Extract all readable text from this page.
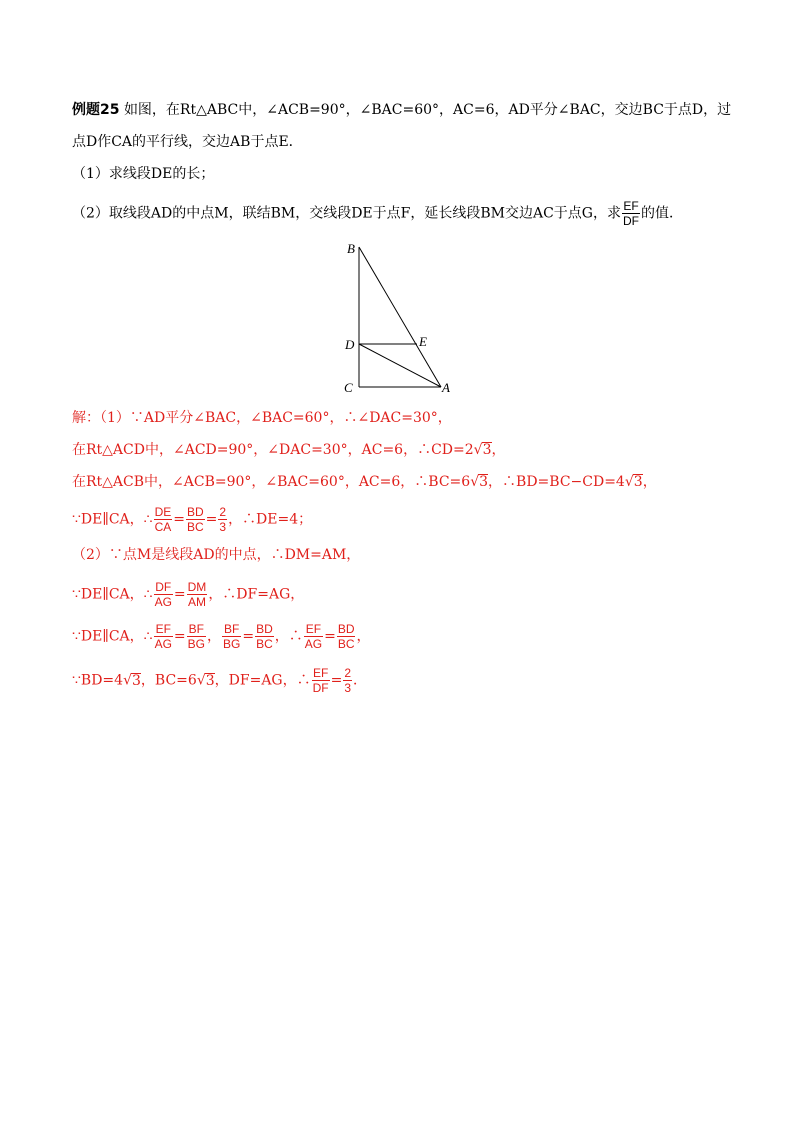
例题25 如图，在Rt△ABC中，∠ACB=90°，∠BAC=60°，AC=6，AD平分∠BAC，交边BC于点D，过
点D作CA的平行线，交边AB于点E．
（1）求线段DE的长；
（2）取线段AD的中点M，联结BM，交线段DE于点F，延长线段BM交边AC于点G，求 $\frac{EF}{DF}$ 的值．
B
D	E
C	A
解：（1）∵AD平分∠BAC，∠BAC=60°，∴∠DAC=30°，
在Rt△ACD中，∠ACD=90°，∠DAC=30°，AC=6，∴CD=2√3，
在Rt△ACB中，∠ACB=90°，∠BAC=60°，AC=6，∴BC=6√3，∴BD=BC−CD=4√3，
∵DE∥CA，∴ $\frac{DE}{CA} = \frac{BD}{BC} = \frac{2}{3}$ ，∴DE=4；
（2）∵点M是线段AD的中点，∴DM=AM，
∵DE∥CA，∴ $\frac{DF}{AG} = \frac{DM}{AM}$ ，∴DF=AG，
∵DE∥CA，∴ $\frac{EF}{AG} = \frac{BF}{BG}$ ， $\frac{BF}{BG} = \frac{BD}{BC}$ ，∴ $\frac{EF}{AG} = \frac{BD}{BC}$ ，
∵BD=4√3，BC=6√3，DF=AG，∴ $\frac{EF}{DF} = \frac{2}{3}$ ．
